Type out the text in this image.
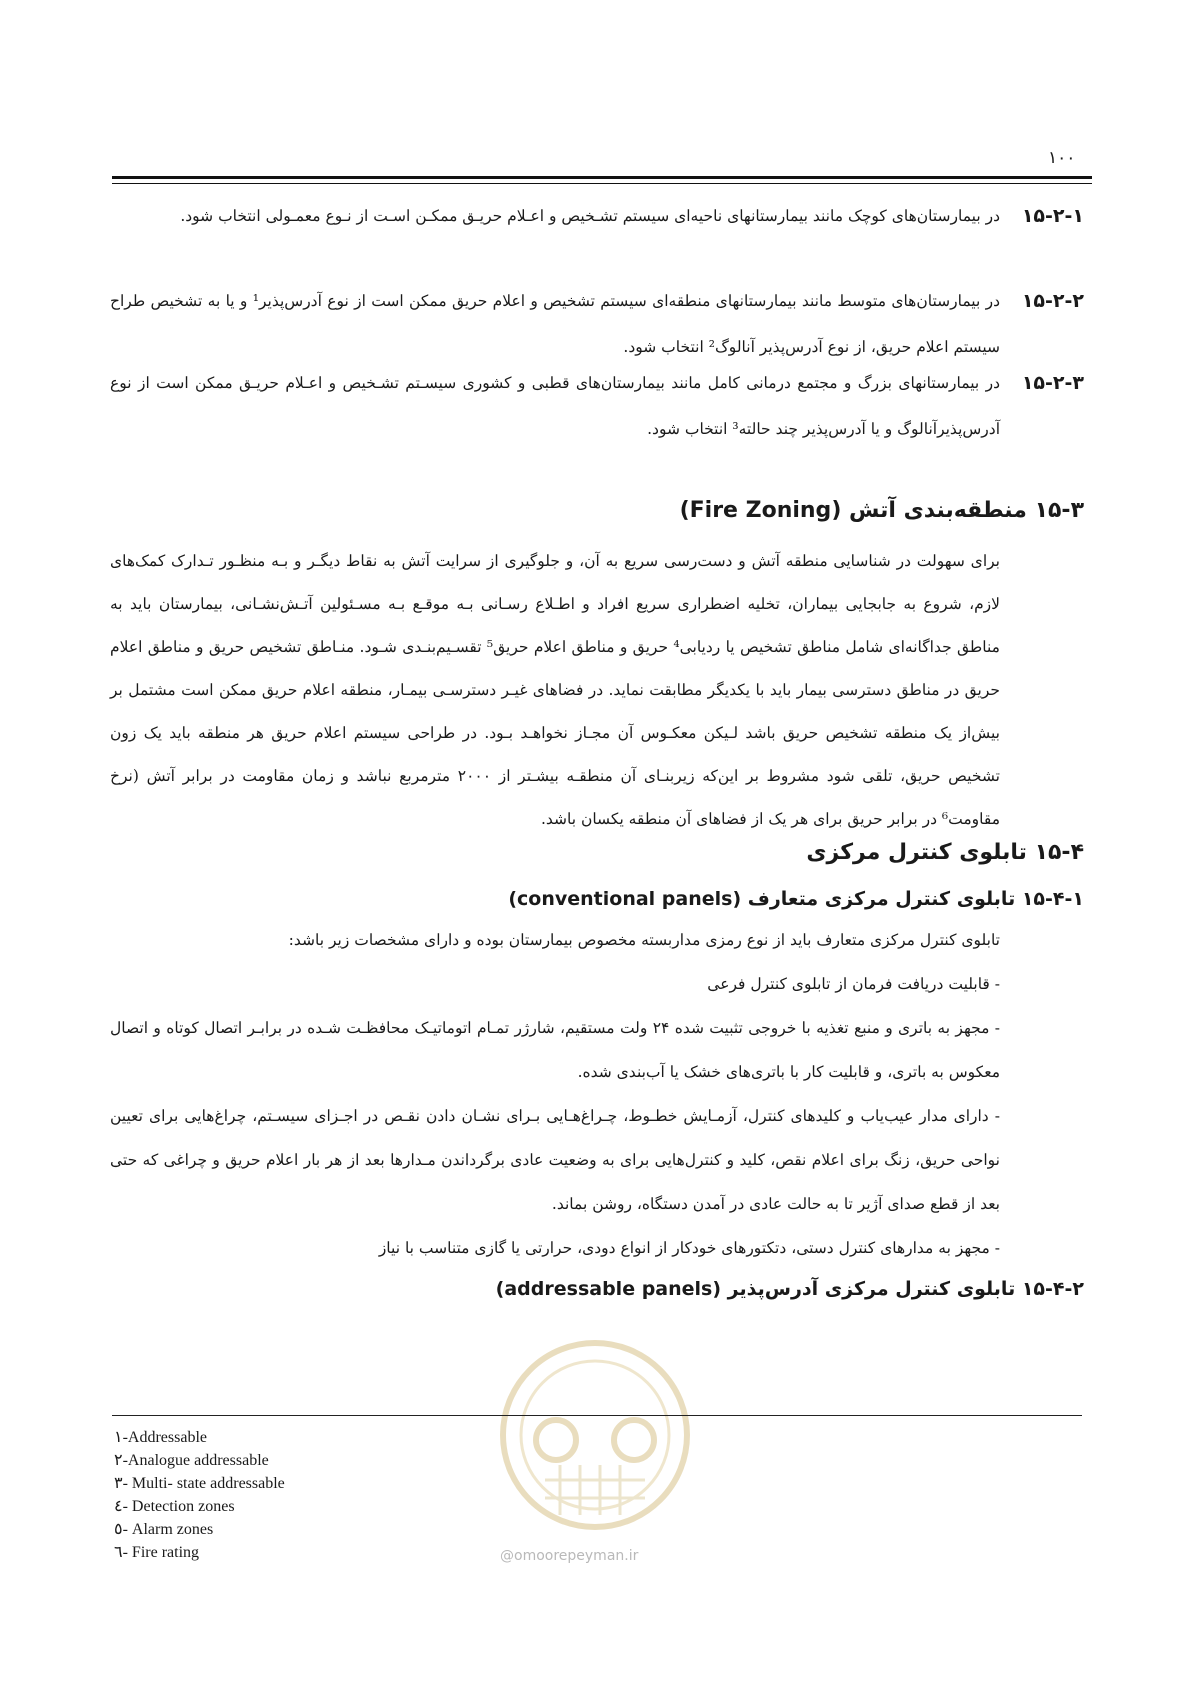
۱۰۰
۱۵-۲-۱
در بیمارستان‌های کوچک مانند بیمارستانهای ناحیه‌ای سیستم تشـخیص و اعـلام حریـق ممکـن اسـت از نـوع معمـولی انتخاب شود.
۱۵-۲-۲
در بیمارستان‌های متوسط مانند بیمارستانهای منطقه‌ای سیستم تشخیص و اعلام حریق ممکن است از نوع آدرس‌پذیر¹ و یا به تشخیص طراح سیستم اعلام حریق، از نوع آدرس‌پذیر آنالوگ² انتخاب شود.
۱۵-۲-۳
در بیمارستانهای بزرگ و مجتمع درمانی کامل مانند بیمارستان‌های قطبی و کشوری سیسـتم تشـخیص و اعـلام حریـق ممکن است از نوع آدرس‌پذیرآنالوگ و یا آدرس‌پذیر چند حالته³ انتخاب شود.
۱۵-۳ منطقه‌بندی آتش (Fire Zoning)
برای سهولت در شناسایی منطقه آتش و دست‌رسی سریع به آن، و جلوگیری از سرایت آتش به نقاط دیگـر و بـه منظـور تـدارک کمک‌های لازم، شروع به جابجایی بیماران، تخلیه اضطراری سریع افراد و اطـلاع رسـانی بـه موقـع بـه مسـئولین آتـش‌نشـانی، بیمارستان باید به مناطق جداگانه‌ای شامل مناطق تشخیص یا ردیابی⁴ حریق و مناطق اعلام حریق⁵ تقسـیم‌بنـدی شـود. منـاطق تشخیص حریق و مناطق اعلام حریق در مناطق دسترسی بیمار باید با یکدیگر مطابقت نماید. در فضاهای غیـر دسترسـی بیمـار، منطقه اعلام حریق ممکن است مشتمل بر بیش‌از یک منطقه تشخیص حریق باشد لـیکن معکـوس آن مجـاز نخواهـد بـود. در طراحی سیستم اعلام حریق هر منطقه باید یک زون تشخیص حریق، تلقی شود مشروط بر این‌که زیربنـای آن منطقـه بیشـتر از ۲۰۰۰ مترمربع نباشد و زمان مقاومت در برابر آتش (نرخ مقاومت⁶ در برابر حریق برای هر یک از فضاهای آن منطقه یکسان باشد.
۱۵-۴ تابلوی کنترل مرکزی
۱۵-۴-۱ تابلوی کنترل مرکزی متعارف (conventional panels)
تابلوی کنترل مرکزی متعارف باید از نوع رمزی مداربسته مخصوص بیمارستان بوده و دارای مشخصات زیر باشد:
- قابلیت دریافت فرمان از تابلوی کنترل فرعی
- مجهز به باتری و منبع تغذیه با خروجی تثبیت شده ۲۴ ولت مستقیم، شارژر تمـام اتوماتیـک محافظـت شـده در برابـر اتصال کوتاه و اتصال معکوس به باتری، و قابلیت کار با باتری‌های خشک یا آب‌بندی شده.
- دارای مدار عیب‌یاب و کلیدهای کنترل، آزمـایش خطـوط، چـراغ‌هـایی بـرای نشـان دادن نقـص در اجـزای سیسـتم، چراغ‌هایی برای تعیین نواحی حریق، زنگ برای اعلام نقص، کلید و کنترل‌هایی برای به وضعیت عادی برگرداندن مـدارها بعد از هر بار اعلام حریق و چراغی که حتی بعد از قطع صدای آژیر تا به حالت عادی در آمدن دستگاه، روشن بماند.
- مجهز به مدارهای کنترل دستی، دتکتورهای خودکار از انواع دودی، حرارتی یا گازی متناسب با نیاز
۱۵-۴-۲ تابلوی کنترل مرکزی آدرس‌پذیر (addressable panels)
@omoorepeyman.ir
١-Addressable
٢-Analogue addressable
٣- Multi- state addressable
٤- Detection zones
٥- Alarm zones
٦- Fire rating
